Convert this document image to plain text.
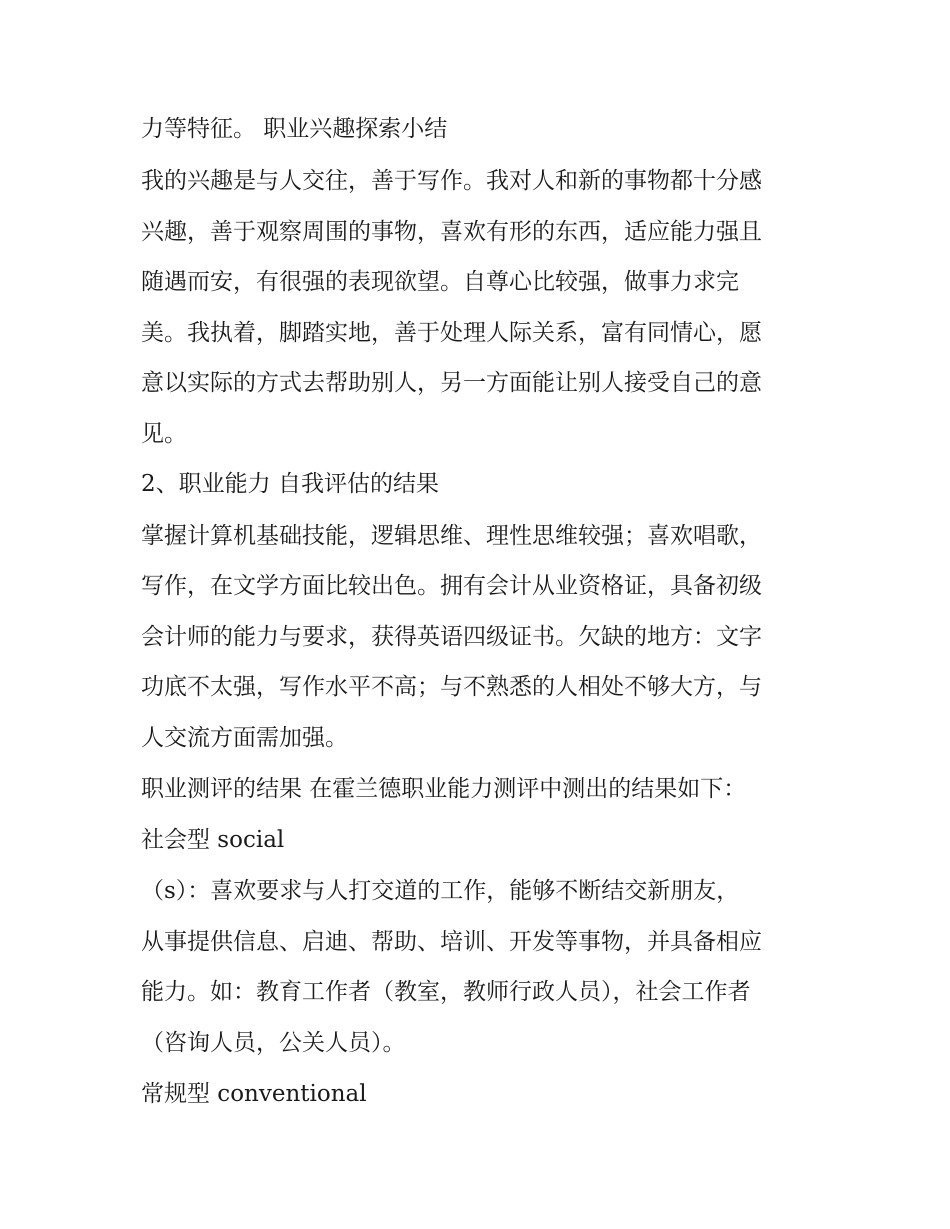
力等特征。 职业兴趣探索小结

我的兴趣是与人交往，善于写作。我对人和新的事物都十分感

兴趣，善于观察周围的事物，喜欢有形的东西，适应能力强且

随遇而安，有很强的表现欲望。自尊心比较强，做事力求完

美。我执着，脚踏实地，善于处理人际关系，富有同情心，愿

意以实际的方式去帮助别人，另一方面能让别人接受自己的意

见。

2、职业能力 自我评估的结果

掌握计算机基础技能，逻辑思维、理性思维较强；喜欢唱歌，

写作，在文学方面比较出色。拥有会计从业资格证，具备初级

会计师的能力与要求，获得英语四级证书。欠缺的地方：文字

功底不太强，写作水平不高；与不熟悉的人相处不够大方，与

人交流方面需加强。

职业测评的结果 在霍兰德职业能力测评中测出的结果如下：

社会型 social

（s）：喜欢要求与人打交道的工作，能够不断结交新朋友，

从事提供信息、启迪、帮助、培训、开发等事物，并具备相应

能力。如：教育工作者（教室，教师行政人员），社会工作者

（咨询人员，公关人员）。

常规型 conventional
